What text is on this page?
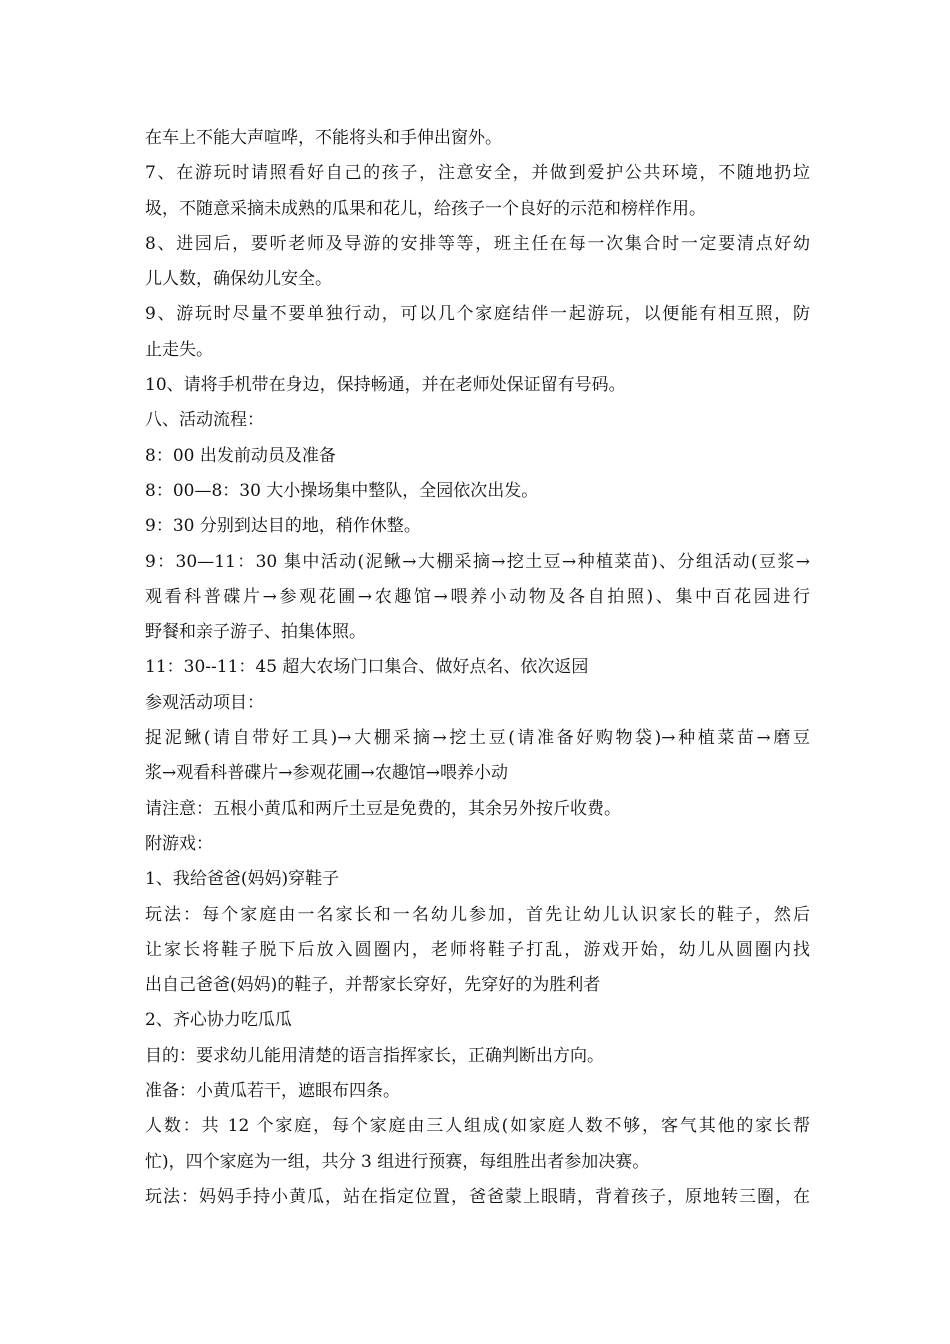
在车上不能大声喧哗，不能将头和手伸出窗外。
7、在游玩时请照看好自己的孩子，注意安全，并做到爱护公共环境，不随地扔垃
圾，不随意采摘未成熟的瓜果和花儿，给孩子一个良好的示范和榜样作用。
8、进园后，要听老师及导游的安排等等，班主任在每一次集合时一定要清点好幼
儿人数，确保幼儿安全。
9、游玩时尽量不要单独行动，可以几个家庭结伴一起游玩，以便能有相互照，防
止走失。
10、请将手机带在身边，保持畅通，并在老师处保证留有号码。
八、活动流程：
8：00 出发前动员及准备
8：00—8：30 大小操场集中整队，全园依次出发。
9：30 分别到达目的地，稍作休整。
9：30—11：30 集中活动(泥鳅→大棚采摘→挖土豆→种植菜苗)、分组活动(豆浆→
观看科普碟片→参观花圃→农趣馆→喂养小动物及各自拍照)、集中百花园进行
野餐和亲子游子、拍集体照。
11：30--11：45 超大农场门口集合、做好点名、依次返园
参观活动项目：
捉泥鳅(请自带好工具)→大棚采摘→挖土豆(请准备好购物袋)→种植菜苗→磨豆
浆→观看科普碟片→参观花圃→农趣馆→喂养小动
请注意：五根小黄瓜和两斤土豆是免费的，其余另外按斤收费。
附游戏：
1、我给爸爸(妈妈)穿鞋子
玩法：每个家庭由一名家长和一名幼儿参加，首先让幼儿认识家长的鞋子，然后
让家长将鞋子脱下后放入圆圈内，老师将鞋子打乱，游戏开始，幼儿从圆圈内找
出自己爸爸(妈妈)的鞋子，并帮家长穿好，先穿好的为胜利者
2、齐心协力吃瓜瓜
目的：要求幼儿能用清楚的语言指挥家长，正确判断出方向。
准备：小黄瓜若干，遮眼布四条。
人数：共 12 个家庭，每个家庭由三人组成(如家庭人数不够，客气其他的家长帮
忙)，四个家庭为一组，共分 3 组进行预赛，每组胜出者参加决赛。
玩法：妈妈手持小黄瓜，站在指定位置，爸爸蒙上眼睛，背着孩子，原地转三圈，在
